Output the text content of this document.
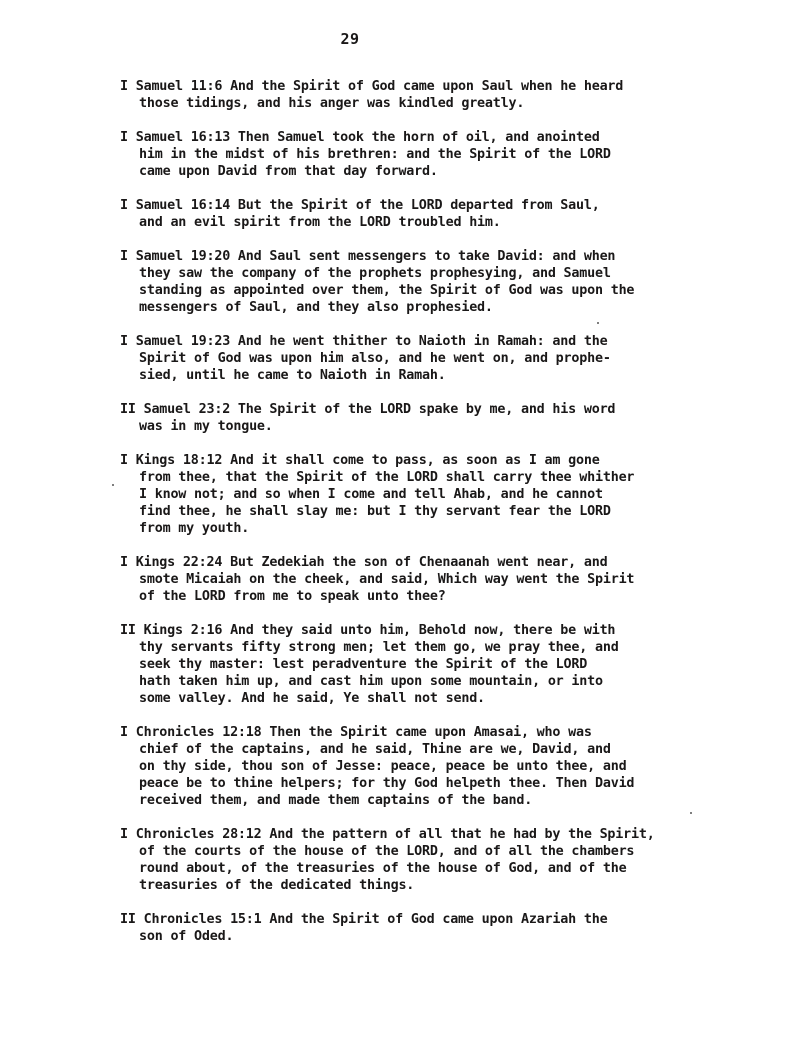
29

I Samuel 11:6 And the Spirit of God came upon Saul when he heard

those tidings, and his anger was kindled greatly.

I Samuel 16:13 Then Samuel took the horn of oil, and anointed

him in the midst of his brethren: and the Spirit of the LORD

came upon David from that day forward.

I Samuel 16:14 But the Spirit of the LORD departed from Saul,

and an evil spirit from the LORD troubled him.

I Samuel 19:20 And Saul sent messengers to take David: and when

they saw the company of the prophets prophesying, and Samuel

standing as appointed over them, the Spirit of God was upon the

messengers of Saul, and they also prophesied.

I Samuel 19:23 And he went thither to Naioth in Ramah: and the

Spirit of God was upon him also, and he went on, and prophe-

sied, until he came to Naioth in Ramah.

II Samuel 23:2 The Spirit of the LORD spake by me, and his word

was in my tongue.

I Kings 18:12 And it shall come to pass, as soon as I am gone

from thee, that the Spirit of the LORD shall carry thee whither

I know not; and so when I come and tell Ahab, and he cannot

find thee, he shall slay me: but I thy servant fear the LORD

from my youth.

I Kings 22:24 But Zedekiah the son of Chenaanah went near, and

smote Micaiah on the cheek, and said, Which way went the Spirit

of the LORD from me to speak unto thee?

II Kings 2:16 And they said unto him, Behold now, there be with

thy servants fifty strong men; let them go, we pray thee, and

seek thy master: lest peradventure the Spirit of the LORD

hath taken him up, and cast him upon some mountain, or into

some valley. And he said, Ye shall not send.

I Chronicles 12:18 Then the Spirit came upon Amasai, who was

chief of the captains, and he said, Thine are we, David, and

on thy side, thou son of Jesse: peace, peace be unto thee, and

peace be to thine helpers; for thy God helpeth thee. Then David

received them, and made them captains of the band.

I Chronicles 28:12 And the pattern of all that he had by the Spirit,

of the courts of the house of the LORD, and of all the chambers

round about, of the treasuries of the house of God, and of the

treasuries of the dedicated things.

II Chronicles 15:1 And the Spirit of God came upon Azariah the

son of Oded.
